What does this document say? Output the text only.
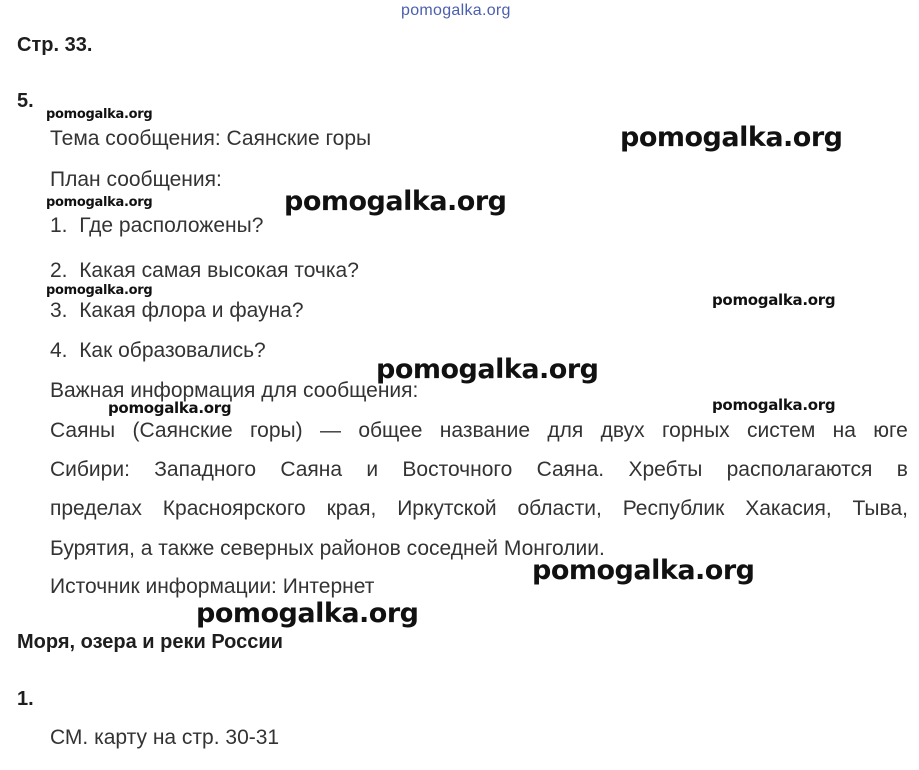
pomogalka.org
Стр. 33.
5.
Тема сообщения: Саянские горы
План сообщения:
1. Где расположены?
2. Какая самая высокая точка?
3. Какая флора и фауна?
4. Как образовались?
Важная информация для сообщения:
Саяны (Саянские горы) — общее название для двух горных систем на юге
Сибири: Западного Саяна и Восточного Саяна. Хребты располагаются в
пределах Красноярского края, Иркутской области, Республик Хакасия, Тыва,
Бурятия, а также северных районов соседней Монголии.
Источник информации: Интернет
Моря, озера и реки России
1.
СМ. карту на стр. 30-31
pomogalka.org
pomogalka.org
pomogalka.org	pomogalka.org
pomogalka.org
pomogalka.org
pomogalka.org
pomogalka.org	pomogalka.org
pomogalka.org
pomogalka.org
